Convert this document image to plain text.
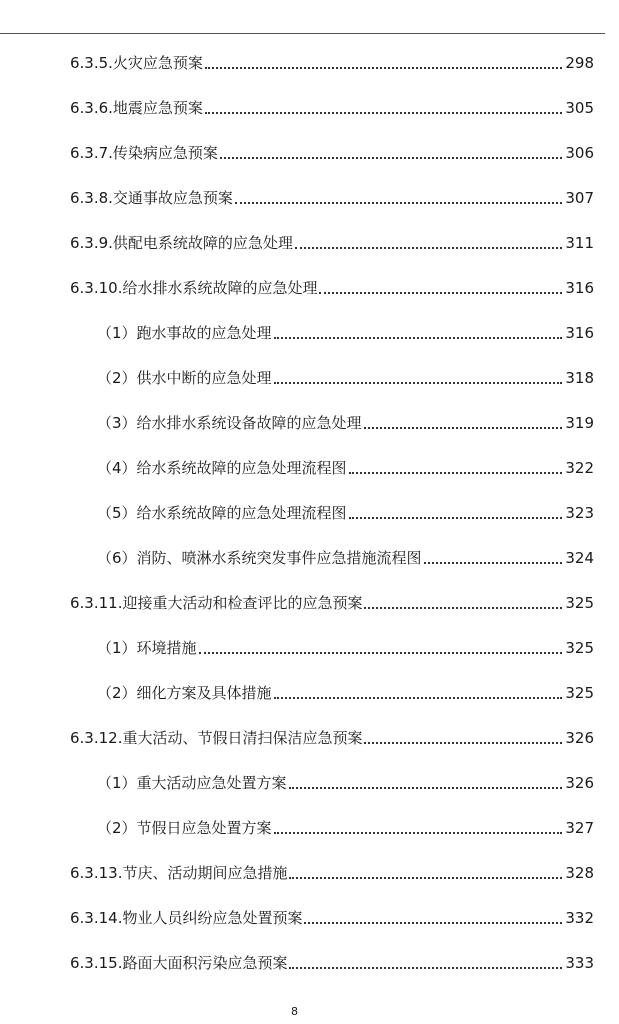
6.3.5.火灾应急预案	298
6.3.6.地震应急预案	305
6.3.7.传染病应急预案	306
6.3.8.交通事故应急预案	307
6.3.9.供配电系统故障的应急处理	311
6.3.10.给水排水系统故障的应急处理	316
（1）跑水事故的应急处理	316
（2）供水中断的应急处理	318
（3）给水排水系统设备故障的应急处理	319
（4）给水系统故障的应急处理流程图	322
（5）给水系统故障的应急处理流程图	323
（6）消防、喷淋水系统突发事件应急措施流程图	324
6.3.11.迎接重大活动和检查评比的应急预案	325
（1）环境措施	325
（2）细化方案及具体措施	325
6.3.12.重大活动、节假日清扫保洁应急预案	326
（1）重大活动应急处置方案	326
（2）节假日应急处置方案	327
6.3.13.节庆、活动期间应急措施	328
6.3.14.物业人员纠纷应急处置预案	332
6.3.15.路面大面积污染应急预案	333
8
